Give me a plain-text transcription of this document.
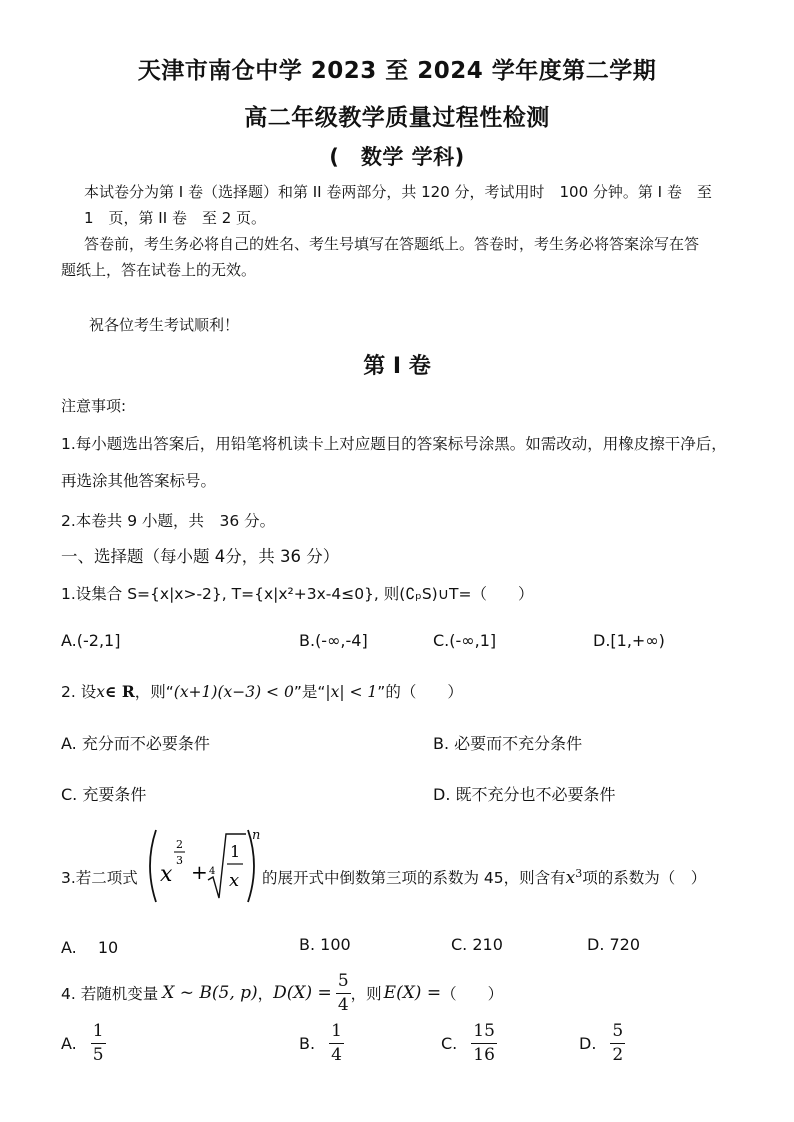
天津市南仓中学 2023 至 2024 学年度第二学期
高二年级教学质量过程性检测
(　数学 学科)
本试卷分为第 I 卷（选择题）和第 II 卷两部分，共 120 分，考试用时　100 分钟。第 I 卷　至
1　页，第 II 卷　至 2 页。
答卷前，考生务必将自己的姓名、考生号填写在答题纸上。答卷时，考生务必将答案涂写在答
题纸上，答在试卷上的无效。
祝各位考生考试顺利！
第 I 卷
注意事项:
1.每小题选出答案后，用铅笔将机读卡上对应题目的答案标号涂黑。如需改动，用橡皮擦干净后，
再选涂其他答案标号。
2.本卷共 9 小题，共　36 分。
一、选择题（每小题 4分，共 36 分）
1.设集合 S={x|x>-2}, T={x|x²+3x-4≤0}, 则(∁ₚS)∪T=（　　）
A.(-2,1]	B.(-∞,-4]	C.(-∞,1]	D.[1,+∞)
2. 设x∈ R，则“(x+1)(x−3) < 0”是“|x| < 1”的（　　）
A. 充分而不必要条件	B. 必要而不充分条件
C. 充要条件	D. 既不充分也不必要条件
3.若二项式 x
2
3 + 4
1
x
n
的展开式中倒数第三项的系数为 45，则含有$x^3$项的系数为（　）
A.　 10	B. 100	C. 210	D. 720
4. 若随机变量 X ~ B(5, p) ， $D(X) = \frac{5}{4}$ ，则 E(X) = （　　）
A. $\frac{1}{5}$	B. $\frac{1}{4}$	C. $\frac{15}{16}$	D. $\frac{5}{2}$
